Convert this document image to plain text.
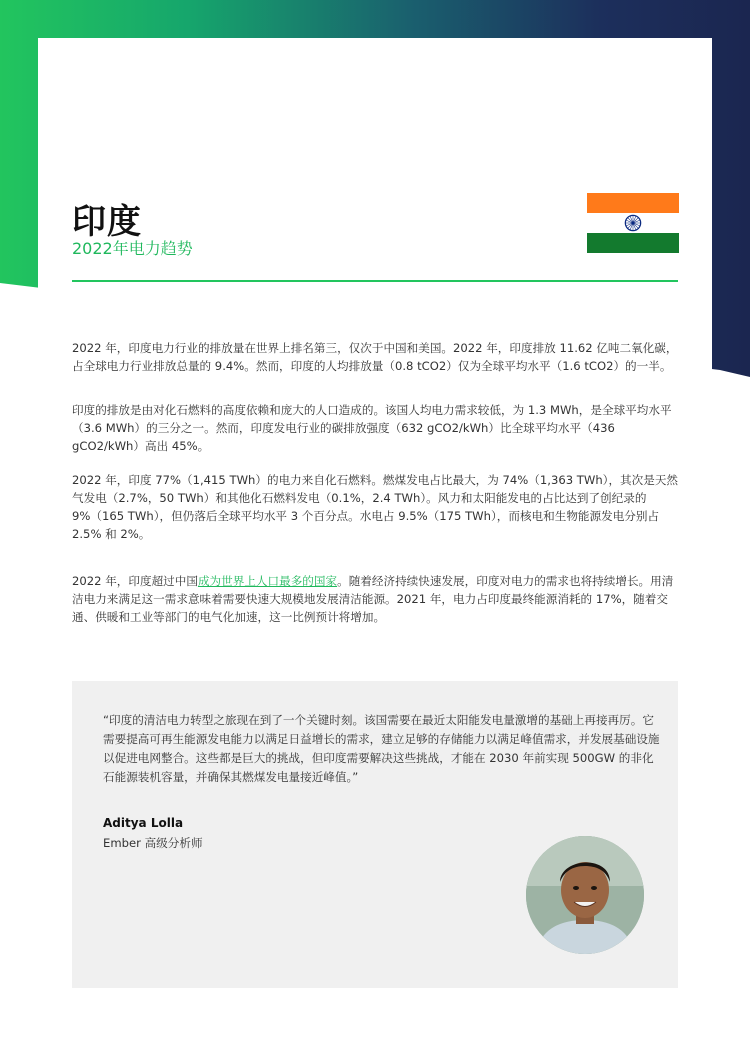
印度
2022年电力趋势

2022 年，印度电力行业的排放量在世界上排名第三，仅次于中国和美国。2022 年，印度排放 11.62 亿吨二氧化碳，占全球电力行业排放总量的 9.4%。然而，印度的人均排放量（0.8 tCO2）仅为全球平均水平（1.6 tCO2）的一半。

印度的排放是由对化石燃料的高度依赖和庞大的人口造成的。该国人均电力需求较低，为 1.3 MWh，是全球平均水平（3.6 MWh）的三分之一。然而，印度发电行业的碳排放强度（632 gCO2/kWh）比全球平均水平（436 gCO2/kWh）高出 45%。

2022 年，印度 77%（1,415 TWh）的电力来自化石燃料。燃煤发电占比最大，为 74%（1,363 TWh），其次是天然气发电（2.7%，50 TWh）和其他化石燃料发电（0.1%，2.4 TWh）。风力和太阳能发电的占比达到了创纪录的 9%（165 TWh），但仍落后全球平均水平 3 个百分点。水电占 9.5%（175 TWh），而核电和生物能源发电分别占 2.5% 和 2%。

2022 年，印度超过中国成为世界上人口最多的国家。随着经济持续快速发展，印度对电力的需求也将持续增长。用清洁电力来满足这一需求意味着需要快速大规模地发展清洁能源。2021 年，电力占印度最终能源消耗的 17%，随着交通、供暖和工业等部门的电气化加速，这一比例预计将增加。

“印度的清洁电力转型之旅现在到了一个关键时刻。该国需要在最近太阳能发电量激增的基础上再接再厉。它需要提高可再生能源发电能力以满足日益增长的需求，建立足够的存储能力以满足峰值需求，并发展基础设施以促进电网整合。这些都是巨大的挑战，但印度需要解决这些挑战，才能在 2030 年前实现 500GW 的非化石能源装机容量，并确保其燃煤发电量接近峰值。”

Aditya Lolla
Ember 高级分析师
